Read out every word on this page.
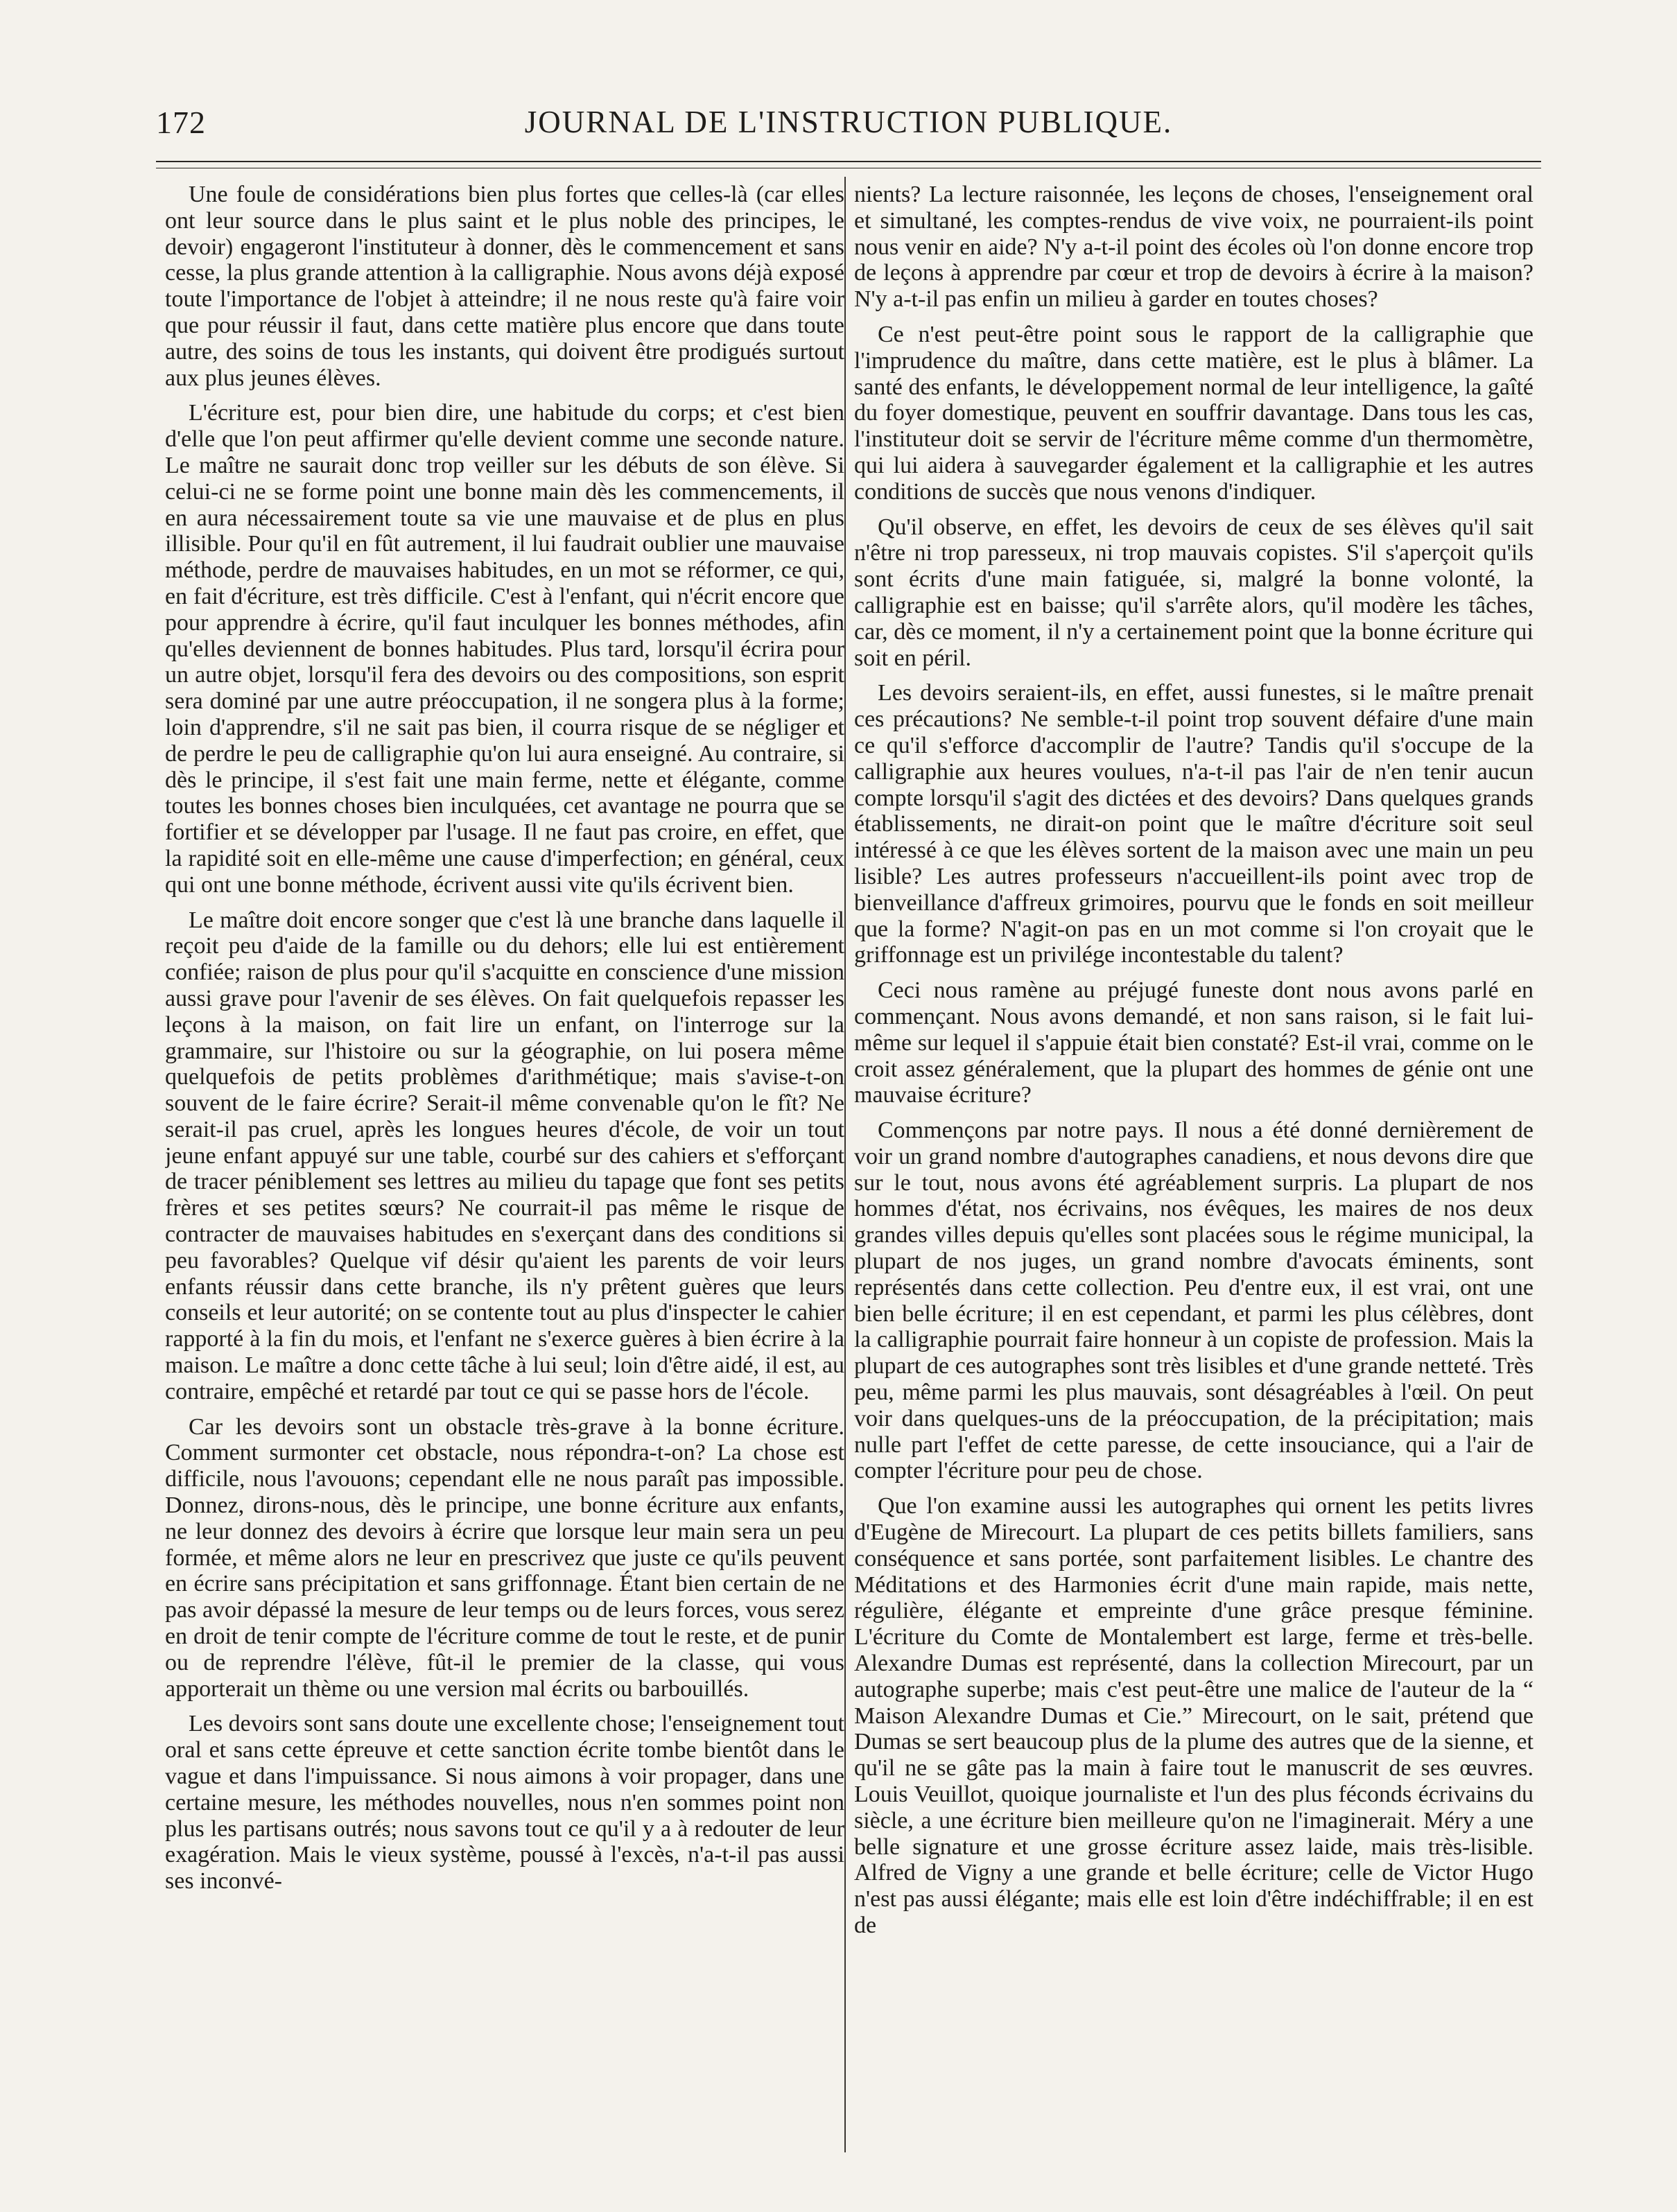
172	JOURNAL DE L'INSTRUCTION PUBLIQUE.

Une foule de considérations bien plus fortes que celles-là (car elles ont leur source dans le plus saint et le plus noble des principes, le devoir) engageront l'instituteur à donner, dès le commencement et sans cesse, la plus grande attention à la calligraphie. Nous avons déjà exposé toute l'importance de l'objet à atteindre; il ne nous reste qu'à faire voir que pour réussir il faut, dans cette matière plus encore que dans toute autre, des soins de tous les instants, qui doivent être prodigués surtout aux plus jeunes élèves.

L'écriture est, pour bien dire, une habitude du corps; et c'est bien d'elle que l'on peut affirmer qu'elle devient comme une seconde nature. Le maître ne saurait donc trop veiller sur les débuts de son élève. Si celui-ci ne se forme point une bonne main dès les commencements, il en aura nécessairement toute sa vie une mauvaise et de plus en plus illisible. Pour qu'il en fût autrement, il lui faudrait oublier une mauvaise méthode, perdre de mauvaises habitudes, en un mot se réformer, ce qui, en fait d'écriture, est très difficile. C'est à l'enfant, qui n'écrit encore que pour apprendre à écrire, qu'il faut inculquer les bonnes méthodes, afin qu'elles deviennent de bonnes habitudes. Plus tard, lorsqu'il écrira pour un autre objet, lorsqu'il fera des devoirs ou des compositions, son esprit sera dominé par une autre préoccupation, il ne songera plus à la forme; loin d'apprendre, s'il ne sait pas bien, il courra risque de se négliger et de perdre le peu de calligraphie qu'on lui aura enseigné. Au contraire, si dès le principe, il s'est fait une main ferme, nette et élégante, comme toutes les bonnes choses bien inculquées, cet avantage ne pourra que se fortifier et se développer par l'usage. Il ne faut pas croire, en effet, que la rapidité soit en elle-même une cause d'imperfection; en général, ceux qui ont une bonne méthode, écrivent aussi vite qu'ils écrivent bien.

Le maître doit encore songer que c'est là une branche dans laquelle il reçoit peu d'aide de la famille ou du dehors; elle lui est entièrement confiée; raison de plus pour qu'il s'acquitte en conscience d'une mission aussi grave pour l'avenir de ses élèves. On fait quelquefois repasser les leçons à la maison, on fait lire un enfant, on l'interroge sur la grammaire, sur l'histoire ou sur la géographie, on lui posera même quelquefois de petits problèmes d'arithmétique; mais s'avise-t-on souvent de le faire écrire? Serait-il même convenable qu'on le fît? Ne serait-il pas cruel, après les longues heures d'école, de voir un tout jeune enfant appuyé sur une table, courbé sur des cahiers et s'efforçant de tracer péniblement ses lettres au milieu du tapage que font ses petits frères et ses petites sœurs? Ne courrait-il pas même le risque de contracter de mauvaises habitudes en s'exerçant dans des conditions si peu favorables? Quelque vif désir qu'aient les parents de voir leurs enfants réussir dans cette branche, ils n'y prêtent guères que leurs conseils et leur autorité; on se contente tout au plus d'inspecter le cahier rapporté à la fin du mois, et l'enfant ne s'exerce guères à bien écrire à la maison. Le maître a donc cette tâche à lui seul; loin d'être aidé, il est, au contraire, empêché et retardé par tout ce qui se passe hors de l'école.

Car les devoirs sont un obstacle très-grave à la bonne écriture. Comment surmonter cet obstacle, nous répondra-t-on? La chose est difficile, nous l'avouons; cependant elle ne nous paraît pas impossible. Donnez, dirons-nous, dès le principe, une bonne écriture aux enfants, ne leur donnez des devoirs à écrire que lorsque leur main sera un peu formée, et même alors ne leur en prescrivez que juste ce qu'ils peuvent en écrire sans précipitation et sans griffonnage. Étant bien certain de ne pas avoir dépassé la mesure de leur temps ou de leurs forces, vous serez en droit de tenir compte de l'écriture comme de tout le reste, et de punir ou de reprendre l'élève, fût-il le premier de la classe, qui vous apporterait un thème ou une version mal écrits ou barbouillés.

Les devoirs sont sans doute une excellente chose; l'enseignement tout oral et sans cette épreuve et cette sanction écrite tombe bientôt dans le vague et dans l'impuissance. Si nous aimons à voir propager, dans une certaine mesure, les méthodes nouvelles, nous n'en sommes point non plus les partisans outrés; nous savons tout ce qu'il y a à redouter de leur exagération. Mais le vieux système, poussé à l'excès, n'a-t-il pas aussi ses inconvé-

nients? La lecture raisonnée, les leçons de choses, l'enseignement oral et simultané, les comptes-rendus de vive voix, ne pourraient-ils point nous venir en aide? N'y a-t-il point des écoles où l'on donne encore trop de leçons à apprendre par cœur et trop de devoirs à écrire à la maison? N'y a-t-il pas enfin un milieu à garder en toutes choses?

Ce n'est peut-être point sous le rapport de la calligraphie que l'imprudence du maître, dans cette matière, est le plus à blâmer. La santé des enfants, le développement normal de leur intelligence, la gaîté du foyer domestique, peuvent en souffrir davantage. Dans tous les cas, l'instituteur doit se servir de l'écriture même comme d'un thermomètre, qui lui aidera à sauvegarder également et la calligraphie et les autres conditions de succès que nous venons d'indiquer.

Qu'il observe, en effet, les devoirs de ceux de ses élèves qu'il sait n'être ni trop paresseux, ni trop mauvais copistes. S'il s'aperçoit qu'ils sont écrits d'une main fatiguée, si, malgré la bonne volonté, la calligraphie est en baisse; qu'il s'arrête alors, qu'il modère les tâches, car, dès ce moment, il n'y a certainement point que la bonne écriture qui soit en péril.

Les devoirs seraient-ils, en effet, aussi funestes, si le maître prenait ces précautions? Ne semble-t-il point trop souvent défaire d'une main ce qu'il s'efforce d'accomplir de l'autre? Tandis qu'il s'occupe de la calligraphie aux heures voulues, n'a-t-il pas l'air de n'en tenir aucun compte lorsqu'il s'agit des dictées et des devoirs? Dans quelques grands établissements, ne dirait-on point que le maître d'écriture soit seul intéressé à ce que les élèves sortent de la maison avec une main un peu lisible? Les autres professeurs n'accueillent-ils point avec trop de bienveillance d'affreux grimoires, pourvu que le fonds en soit meilleur que la forme? N'agit-on pas en un mot comme si l'on croyait que le griffonnage est un privilége incontestable du talent?

Ceci nous ramène au préjugé funeste dont nous avons parlé en commençant. Nous avons demandé, et non sans raison, si le fait lui-même sur lequel il s'appuie était bien constaté? Est-il vrai, comme on le croit assez généralement, que la plupart des hommes de génie ont une mauvaise écriture?

Commençons par notre pays. Il nous a été donné dernièrement de voir un grand nombre d'autographes canadiens, et nous devons dire que sur le tout, nous avons été agréablement surpris. La plupart de nos hommes d'état, nos écrivains, nos évêques, les maires de nos deux grandes villes depuis qu'elles sont placées sous le régime municipal, la plupart de nos juges, un grand nombre d'avocats éminents, sont représentés dans cette collection. Peu d'entre eux, il est vrai, ont une bien belle écriture; il en est cependant, et parmi les plus célèbres, dont la calligraphie pourrait faire honneur à un copiste de profession. Mais la plupart de ces autographes sont très lisibles et d'une grande netteté. Très peu, même parmi les plus mauvais, sont désagréables à l'œil. On peut voir dans quelques-uns de la préoccupation, de la précipitation; mais nulle part l'effet de cette paresse, de cette insouciance, qui a l'air de compter l'écriture pour peu de chose.

Que l'on examine aussi les autographes qui ornent les petits livres d'Eugène de Mirecourt. La plupart de ces petits billets familiers, sans conséquence et sans portée, sont parfaitement lisibles. Le chantre des Méditations et des Harmonies écrit d'une main rapide, mais nette, régulière, élégante et empreinte d'une grâce presque féminine. L'écriture du Comte de Montalembert est large, ferme et très-belle. Alexandre Dumas est représenté, dans la collection Mirecourt, par un autographe superbe; mais c'est peut-être une malice de l'auteur de la “ Maison Alexandre Dumas et Cie.” Mirecourt, on le sait, prétend que Dumas se sert beaucoup plus de la plume des autres que de la sienne, et qu'il ne se gâte pas la main à faire tout le manuscrit de ses œuvres. Louis Veuillot, quoique journaliste et l'un des plus féconds écrivains du siècle, a une écriture bien meilleure qu'on ne l'imaginerait. Méry a une belle signature et une grosse écriture assez laide, mais très-lisible. Alfred de Vigny a une grande et belle écriture; celle de Victor Hugo n'est pas aussi élégante; mais elle est loin d'être indéchiffrable; il en est de
